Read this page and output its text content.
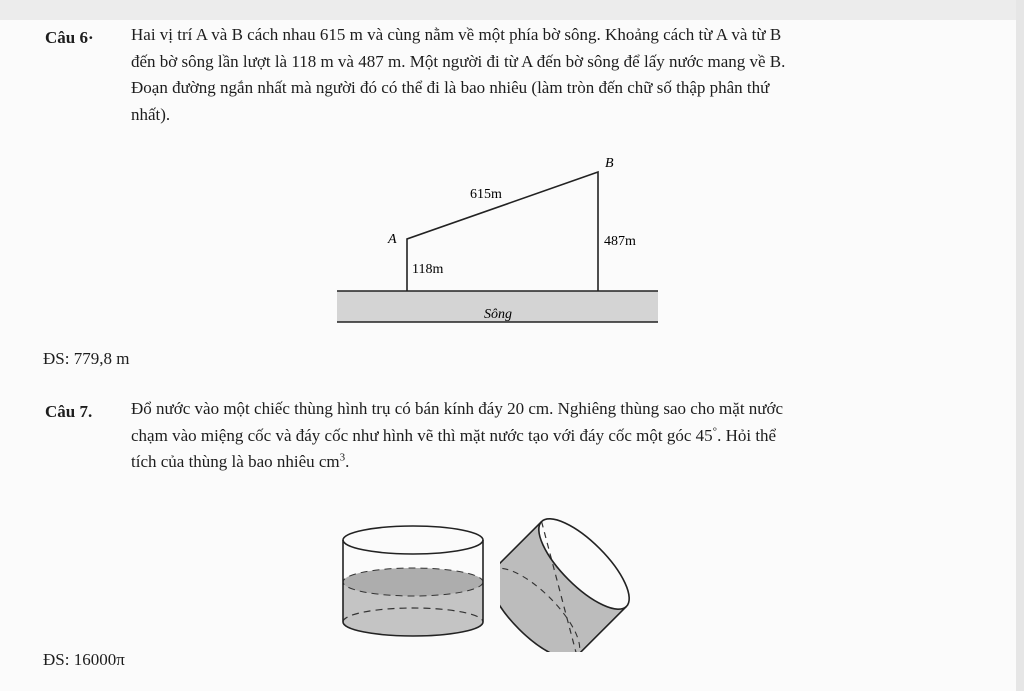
Câu 6· Hai vị trí A và B cách nhau 615 m và cùng nằm về một phía bờ sông. Khoảng cách từ A và từ B
đến bờ sông lần lượt là 118 m và 487 m. Một người đi từ A đến bờ sông để lấy nước mang về B.
Đoạn đường ngắn nhất mà người đó có thể đi là bao nhiêu (làm tròn đến chữ số thập phân thứ
nhất).
Sông
A
B
615m
118m
487m
ĐS: 779,8 m
Câu 7. Đổ nước vào một chiếc thùng hình trụ có bán kính đáy 20 cm. Nghiêng thùng sao cho mặt nước
chạm vào miệng cốc và đáy cốc như hình vẽ thì mặt nước tạo với đáy cốc một góc 45°. Hỏi thể
tích của thùng là bao nhiêu $cm^3$.
ĐS: 16000π
